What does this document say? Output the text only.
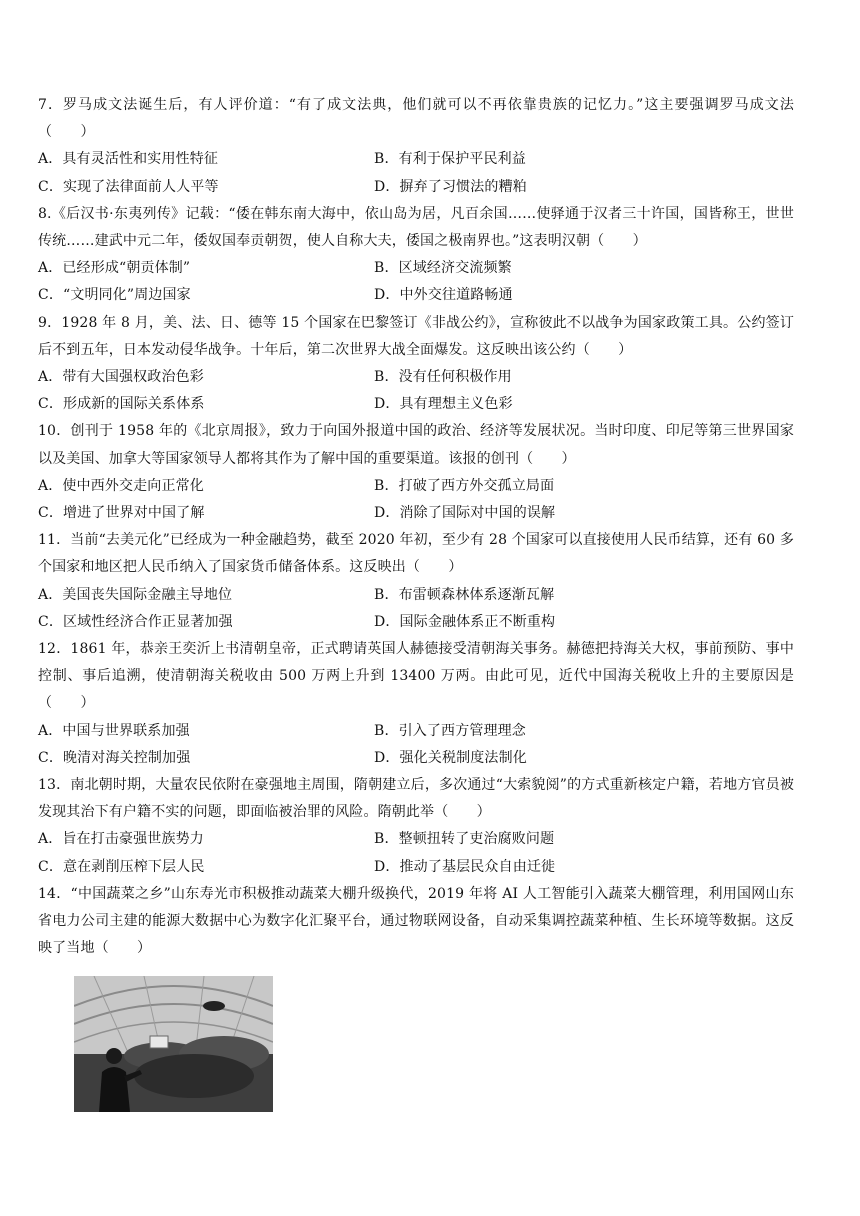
7．罗马成文法诞生后，有人评价道：“有了成文法典，他们就可以不再依靠贵族的记忆力。”这主要强调罗马成文法（　　）

A．具有灵活性和实用性特征	B．有利于保护平民利益
C．实现了法律面前人人平等	D．摒弃了习惯法的糟粕

8.《后汉书·东夷列传》记载：“倭在韩东南大海中，依山岛为居，凡百余国……使驿通于汉者三十许国，国皆称王，世世传统……建武中元二年，倭奴国奉贡朝贺，使人自称大夫，倭国之极南界也。”这表明汉朝（　　）

A．已经形成“朝贡体制”	B．区域经济交流频繁
C．“文明同化”周边国家	D．中外交往道路畅通

9．1928 年 8 月，美、法、日、德等 15 个国家在巴黎签订《非战公约》，宣称彼此不以战争为国家政策工具。公约签订后不到五年，日本发动侵华战争。十年后，第二次世界大战全面爆发。这反映出该公约（　　）

A．带有大国强权政治色彩	B．没有任何积极作用
C．形成新的国际关系体系	D．具有理想主义色彩

10．创刊于 1958 年的《北京周报》，致力于向国外报道中国的政治、经济等发展状况。当时印度、印尼等第三世界国家以及美国、加拿大等国家领导人都将其作为了解中国的重要渠道。该报的创刊（　　）

A．使中西外交走向正常化	B．打破了西方外交孤立局面
C．增进了世界对中国了解	D．消除了国际对中国的误解

11．当前“去美元化”已经成为一种金融趋势，截至 2020 年初，至少有 28 个国家可以直接使用人民币结算，还有 60 多个国家和地区把人民币纳入了国家货币储备体系。这反映出（　　）

A．美国丧失国际金融主导地位	B．布雷顿森林体系逐渐瓦解
C．区域性经济合作正显著加强	D．国际金融体系正不断重构

12．1861 年，恭亲王奕沂上书清朝皇帝，正式聘请英国人赫德接受清朝海关事务。赫德把持海关大权，事前预防、事中控制、事后追溯，使清朝海关税收由 500 万两上升到 13400 万两。由此可见，近代中国海关税收上升的主要原因是（　　）

A．中国与世界联系加强	B．引入了西方管理理念
C．晚清对海关控制加强	D．强化关税制度法制化

13．南北朝时期，大量农民依附在豪强地主周围，隋朝建立后，多次通过“大索貌阅”的方式重新核定户籍，若地方官员被发现其治下有户籍不实的问题，即面临被治罪的风险。隋朝此举（　　）

A．旨在打击豪强世族势力	B．整顿扭转了吏治腐败问题
C．意在剥削压榨下层人民	D．推动了基层民众自由迁徙

14．“中国蔬菜之乡”山东寿光市积极推动蔬菜大棚升级换代，2019 年将 AI 人工智能引入蔬菜大棚管理，利用国网山东省电力公司主建的能源大数据中心为数字化汇聚平台，通过物联网设备，自动采集调控蔬菜种植、生长环境等数据。这反映了当地（　　）
